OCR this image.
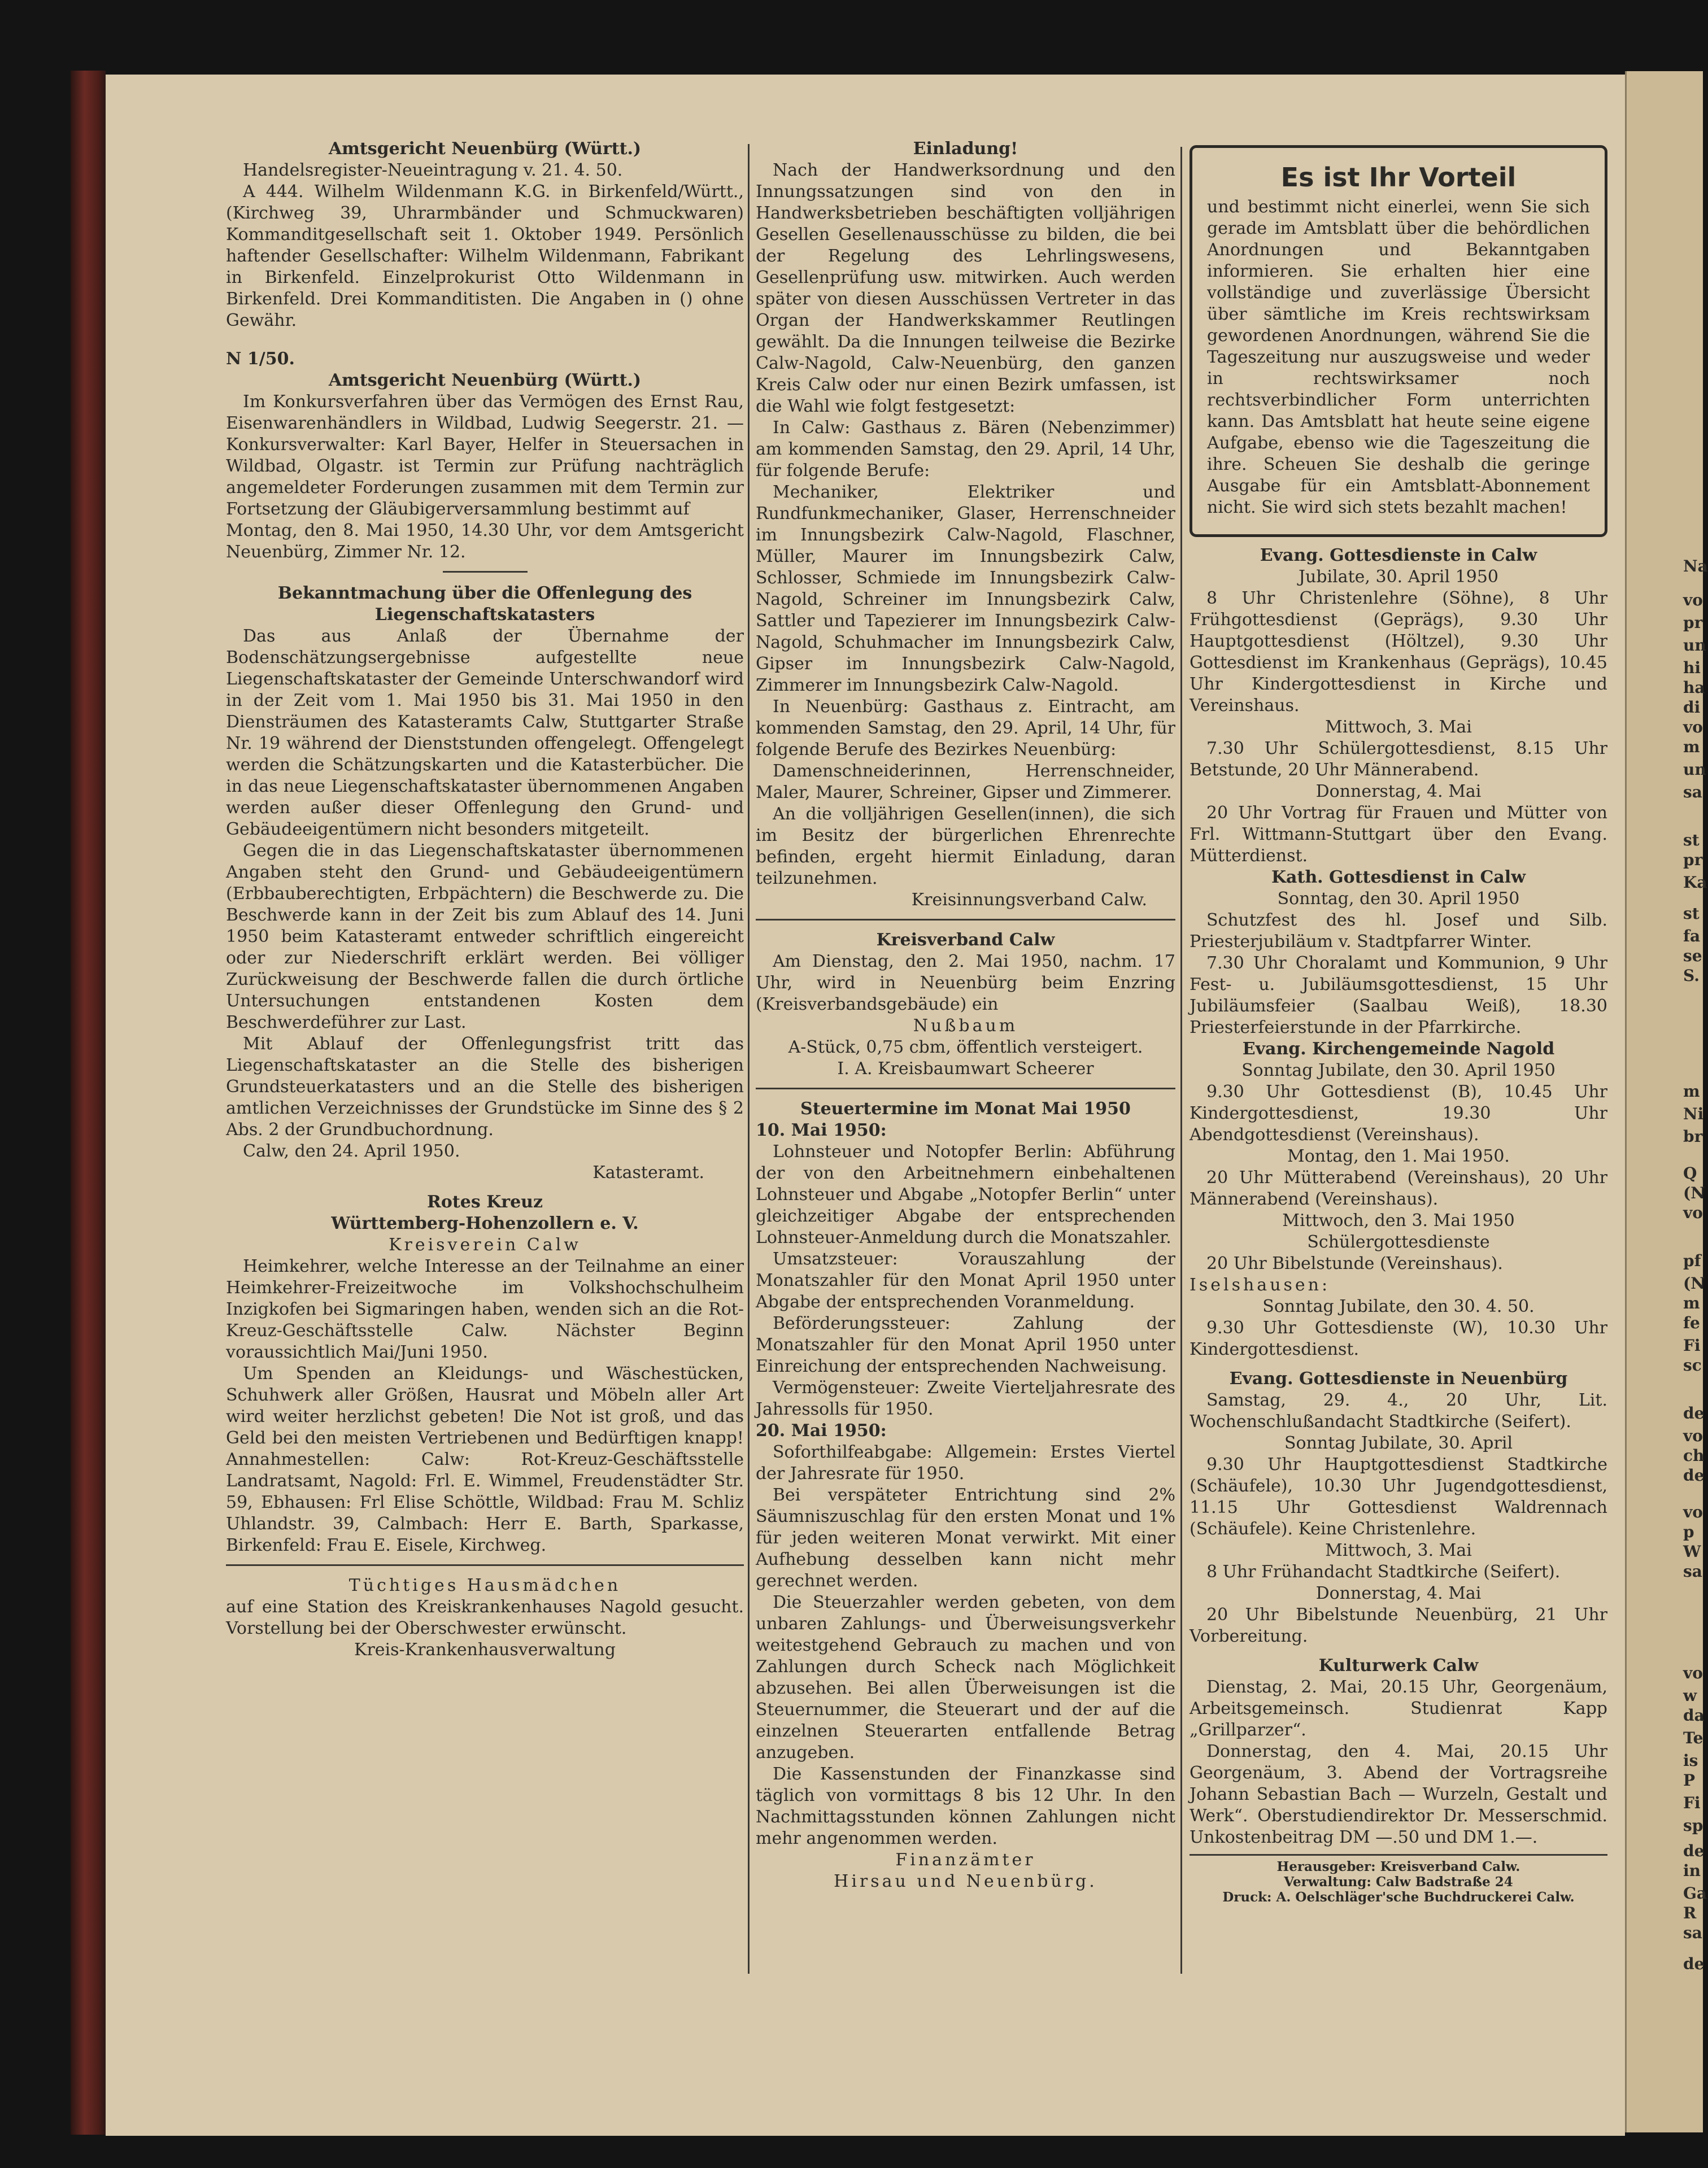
Na
vo
pr
un
hi
ha
di
vo
m
un
sa
st
pr
Ka
st
fa
se
S.
m
Ni
br
Q
(N
vo
pf
(N
m
fe
Fi
sc
de
vo
ch
de
vo
p
W
sa
vo
w
da
Te
is
P
Fi
sp
de
in
Ga
R
sa
de

Amtsgericht Neuenbürg (Württ.)

Handelsregister-Neueintragung v. 21. 4. 50.

A 444. Wilhelm Wildenmann K.G. in Birkenfeld/Württ., (Kirchweg 39, Uhrarmbänder und Schmuckwaren) Kommanditgesellschaft seit 1. Oktober 1949. Persönlich haftender Gesellschafter: Wilhelm Wildenmann, Fabrikant in Birkenfeld. Einzelprokurist Otto Wildenmann in Birkenfeld. Drei Kommanditisten. Die Angaben in () ohne Gewähr.

N 1/50.

Amtsgericht Neuenbürg (Württ.)

Im Konkursverfahren über das Vermögen des Ernst Rau, Eisenwarenhändlers in Wildbad, Ludwig Seegerstr. 21. — Konkursverwalter: Karl Bayer, Helfer in Steuersachen in Wildbad, Olgastr. ist Termin zur Prüfung nachträglich angemeldeter Forderungen zusammen mit dem Termin zur Fortsetzung der Gläubigerversammlung bestimmt auf

Montag, den 8. Mai 1950, 14.30 Uhr, vor dem Amtsgericht Neuenbürg, Zimmer Nr. 12.

Bekanntmachung über die Offenlegung des Liegenschaftskatasters

Das aus Anlaß der Übernahme der Bodenschätzungsergebnisse aufgestellte neue Liegenschaftskataster der Gemeinde Unterschwandorf wird in der Zeit vom 1. Mai 1950 bis 31. Mai 1950 in den Diensträumen des Katasteramts Calw, Stuttgarter Straße Nr. 19 während der Dienststunden offengelegt. Offengelegt werden die Schätzungskarten und die Katasterbücher. Die in das neue Liegenschaftskataster übernommenen Angaben werden außer dieser Offenlegung den Grund- und Gebäudeeigentümern nicht besonders mitgeteilt.

Gegen die in das Liegenschaftskataster übernommenen Angaben steht den Grund- und Gebäudeeigentümern (Erbbauberechtigten, Erbpächtern) die Beschwerde zu. Die Beschwerde kann in der Zeit bis zum Ablauf des 14. Juni 1950 beim Katasteramt entweder schriftlich eingereicht oder zur Niederschrift erklärt werden. Bei völliger Zurückweisung der Beschwerde fallen die durch örtliche Untersuchungen entstandenen Kosten dem Beschwerdeführer zur Last.

Mit Ablauf der Offenlegungsfrist tritt das Liegenschaftskataster an die Stelle des bisherigen Grundsteuerkatasters und an die Stelle des bisherigen amtlichen Verzeichnisses der Grundstücke im Sinne des § 2 Abs. 2 der Grundbuchordnung.

Calw, den 24. April 1950.

Katasteramt.

Rotes Kreuz

Württemberg-Hohenzollern e. V.

Kreisverein Calw

Heimkehrer, welche Interesse an der Teilnahme an einer Heimkehrer-Freizeitwoche im Volkshochschulheim Inzigkofen bei Sigmaringen haben, wenden sich an die Rot-Kreuz-Geschäftsstelle Calw. Nächster Beginn voraussichtlich Mai/Juni 1950.

Um Spenden an Kleidungs- und Wäschestücken, Schuhwerk aller Größen, Hausrat und Möbeln aller Art wird weiter herzlichst gebeten! Die Not ist groß, und das Geld bei den meisten Vertriebenen und Bedürftigen knapp! Annahmestellen: Calw: Rot-Kreuz-Geschäftsstelle Landratsamt, Nagold: Frl. E. Wimmel, Freudenstädter Str. 59, Ebhausen: Frl Elise Schöttle, Wildbad: Frau M. Schliz Uhlandstr. 39, Calmbach: Herr E. Barth, Sparkasse, Birkenfeld: Frau E. Eisele, Kirchweg.

Tüchtiges Hausmädchen

auf eine Station des Kreiskrankenhauses Nagold gesucht. Vorstellung bei der Oberschwester erwünscht.

Kreis-Krankenhausverwaltung

Einladung!

Nach der Handwerksordnung und den Innungssatzungen sind von den in Handwerksbetrieben beschäftigten volljährigen Gesellen Gesellenausschüsse zu bilden, die bei der Regelung des Lehrlingswesens, Gesellenprüfung usw. mitwirken. Auch werden später von diesen Ausschüssen Vertreter in das Organ der Handwerkskammer Reutlingen gewählt. Da die Innungen teilweise die Bezirke Calw-Nagold, Calw-Neuenbürg, den ganzen Kreis Calw oder nur einen Bezirk umfassen, ist die Wahl wie folgt festgesetzt:

In Calw: Gasthaus z. Bären (Nebenzimmer) am kommenden Samstag, den 29. April, 14 Uhr, für folgende Berufe:

Mechaniker, Elektriker und Rundfunkmechaniker, Glaser, Herrenschneider im Innungsbezirk Calw-Nagold, Flaschner, Müller, Maurer im Innungsbezirk Calw, Schlosser, Schmiede im Innungsbezirk Calw-Nagold, Schreiner im Innungsbezirk Calw, Sattler und Tapezierer im Innungsbezirk Calw-Nagold, Schuhmacher im Innungsbezirk Calw, Gipser im Innungsbezirk Calw-Nagold, Zimmerer im Innungsbezirk Calw-Nagold.

In Neuenbürg: Gasthaus z. Eintracht, am kommenden Samstag, den 29. April, 14 Uhr, für folgende Berufe des Bezirkes Neuenbürg:

Damenschneiderinnen, Herrenschneider, Maler, Maurer, Schreiner, Gipser und Zimmerer.

An die volljährigen Gesellen(innen), die sich im Besitz der bürgerlichen Ehrenrechte befinden, ergeht hiermit Einladung, daran teilzunehmen.

Kreisinnungsverband Calw.

Kreisverband Calw

Am Dienstag, den 2. Mai 1950, nachm. 17 Uhr, wird in Neuenbürg beim Enzring (Kreisverbandsgebäude) ein

Nußbaum

A-Stück, 0,75 cbm, öffentlich versteigert.

I. A. Kreisbaumwart Scheerer

Steuertermine im Monat Mai 1950

10. Mai 1950:

Lohnsteuer und Notopfer Berlin: Abführung der von den Arbeitnehmern einbehaltenen Lohnsteuer und Abgabe „Notopfer Berlin“ unter gleichzeitiger Abgabe der entsprechenden Lohnsteuer-Anmeldung durch die Monatszahler.

Umsatzsteuer: Vorauszahlung der Monatszahler für den Monat April 1950 unter Abgabe der entsprechenden Voranmeldung.

Beförderungssteuer: Zahlung der Monatszahler für den Monat April 1950 unter Einreichung der entsprechenden Nachweisung.

Vermögensteuer: Zweite Vierteljahresrate des Jahressolls für 1950.

20. Mai 1950:

Soforthilfeabgabe: Allgemein: Erstes Viertel der Jahresrate für 1950.

Bei verspäteter Entrichtung sind 2% Säumniszuschlag für den ersten Monat und 1% für jeden weiteren Monat verwirkt. Mit einer Aufhebung desselben kann nicht mehr gerechnet werden.

Die Steuerzahler werden gebeten, von dem unbaren Zahlungs- und Überweisungsverkehr weitestgehend Gebrauch zu machen und von Zahlungen durch Scheck nach Möglichkeit abzusehen. Bei allen Überweisungen ist die Steuernummer, die Steuerart und der auf die einzelnen Steuerarten entfallende Betrag anzugeben.

Die Kassenstunden der Finanzkasse sind täglich von vormittags 8 bis 12 Uhr. In den Nachmittagsstunden können Zahlungen nicht mehr angenommen werden.

Finanzämter

Hirsau und Neuenbürg.

Es ist Ihr Vorteil

und bestimmt nicht einerlei, wenn Sie sich gerade im Amtsblatt über die behördlichen Anordnungen und Bekanntgaben informieren. Sie erhalten hier eine vollständige und zuverlässige Übersicht über sämtliche im Kreis rechtswirksam gewordenen Anordnungen, während Sie die Tageszeitung nur auszugsweise und weder in rechtswirksamer noch rechtsverbindlicher Form unterrichten kann. Das Amtsblatt hat heute seine eigene Aufgabe, ebenso wie die Tageszeitung die ihre. Scheuen Sie deshalb die geringe Ausgabe für ein Amtsblatt-Abonnement nicht. Sie wird sich stets bezahlt machen!

Evang. Gottesdienste in Calw

Jubilate, 30. April 1950

8 Uhr Christenlehre (Söhne), 8 Uhr Frühgottesdienst (Geprägs), 9.30 Uhr Hauptgottesdienst (Höltzel), 9.30 Uhr Gottesdienst im Krankenhaus (Geprägs), 10.45 Uhr Kindergottesdienst in Kirche und Vereinshaus.

Mittwoch, 3. Mai

7.30 Uhr Schülergottesdienst, 8.15 Uhr Betstunde, 20 Uhr Männerabend.

Donnerstag, 4. Mai

20 Uhr Vortrag für Frauen und Mütter von Frl. Wittmann-Stuttgart über den Evang. Mütterdienst.

Kath. Gottesdienst in Calw

Sonntag, den 30. April 1950

Schutzfest des hl. Josef und Silb. Priesterjubiläum v. Stadtpfarrer Winter.

7.30 Uhr Choralamt und Kommunion, 9 Uhr Fest- u. Jubiläumsgottesdienst, 15 Uhr Jubiläumsfeier (Saalbau Weiß), 18.30 Priesterfeierstunde in der Pfarrkirche.

Evang. Kirchengemeinde Nagold

Sonntag Jubilate, den 30. April 1950

9.30 Uhr Gottesdienst (B), 10.45 Uhr Kindergottesdienst, 19.30 Uhr Abendgottesdienst (Vereinshaus).

Montag, den 1. Mai 1950.

20 Uhr Mütterabend (Vereinshaus), 20 Uhr Männerabend (Vereinshaus).

Mittwoch, den 3. Mai 1950

Schülergottesdienste

20 Uhr Bibelstunde (Vereinshaus).

Iselshausen:

Sonntag Jubilate, den 30. 4. 50.

9.30 Uhr Gottesdienste (W), 10.30 Uhr Kindergottesdienst.

Evang. Gottesdienste in Neuenbürg

Samstag, 29. 4., 20 Uhr, Lit. Wochenschlußandacht Stadtkirche (Seifert).

Sonntag Jubilate, 30. April

9.30 Uhr Hauptgottesdienst Stadtkirche (Schäufele), 10.30 Uhr Jugendgottesdienst, 11.15 Uhr Gottesdienst Waldrennach (Schäufele). Keine Christenlehre.

Mittwoch, 3. Mai

8 Uhr Frühandacht Stadtkirche (Seifert).

Donnerstag, 4. Mai

20 Uhr Bibelstunde Neuenbürg, 21 Uhr Vorbereitung.

Kulturwerk Calw

Dienstag, 2. Mai, 20.15 Uhr, Georgenäum, Arbeitsgemeinsch. Studienrat Kapp „Grillparzer“.

Donnerstag, den 4. Mai, 20.15 Uhr Georgenäum, 3. Abend der Vortragsreihe Johann Sebastian Bach — Wurzeln, Gestalt und Werk“. Oberstudiendirektor Dr. Messerschmid. Unkostenbeitrag DM —.50 und DM 1.—.

Herausgeber: Kreisverband Calw.

Verwaltung: Calw Badstraße 24

Druck: A. Oelschläger'sche Buchdruckerei Calw.
